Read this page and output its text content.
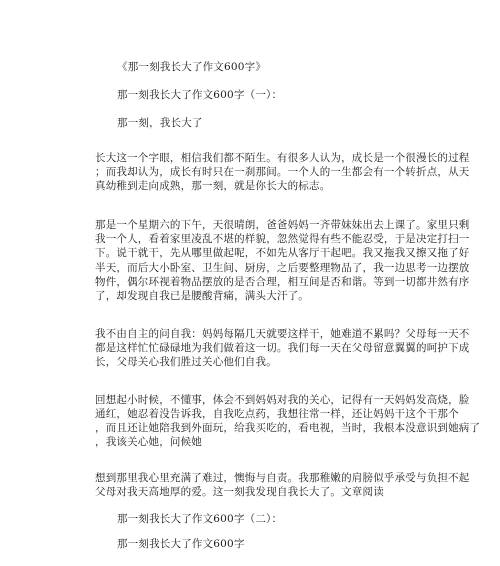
《那一刻我长大了作文600字》
那一刻我长大了作文600字（一）：
那一刻，我长大了
长大这一个字眼，相信我们都不陌生。有很多人认为，成长是一个很漫长的过程
；而我却认为，成长有时只在一刹那间。一个人的一生都会有一个转折点，从天
真幼稚到走向成熟，那一刻，就是你长大的标志。
那是一个星期六的下午，天很晴朗，爸爸妈妈一齐带妹妹出去上课了。家里只剩
我一个人，看着家里凌乱不堪的样貌，忽然觉得有些不能忍受，于是决定打扫一
下。说干就干，先从哪里做起呢，不如先从客厅干起吧。我又拖我又擦又拖了好
半天，而后大小卧室、卫生间、厨房，之后要整理物品了，我一边思考一边摆放
物件，偶尔环视着物品摆放的是否合理，相互间是否和谐。等到一切都井然有序
了，却发现自我已是腰酸背痛，满头大汗了。
我不由自主的问自我：妈妈每隔几天就要这样干，她难道不累吗？父母每一天不
都是这样忙忙碌碌地为我们做着这一切。我们每一天在父母留意翼翼的呵护下成
长，父母关心我们胜过关心他们自我。
回想起小时候，不懂事，体会不到妈妈对我的关心，记得有一天妈妈发高烧，脸
通红，她忍着没告诉我，自我吃点药，我想往常一样，还让妈妈干这个干那个
，而且还让她陪我到外面玩，给我买吃的，看电视，当时，我根本没意识到她病了
，我该关心她，问候她
想到那里我心里充满了难过，懊悔与自责。我那稚嫩的肩膀似乎承受与负担不起
父母对我天高地厚的爱。这一刻我发现自我长大了。文章阅读
那一刻我长大了作文600字（二）：
那一刻我长大了作文600字
